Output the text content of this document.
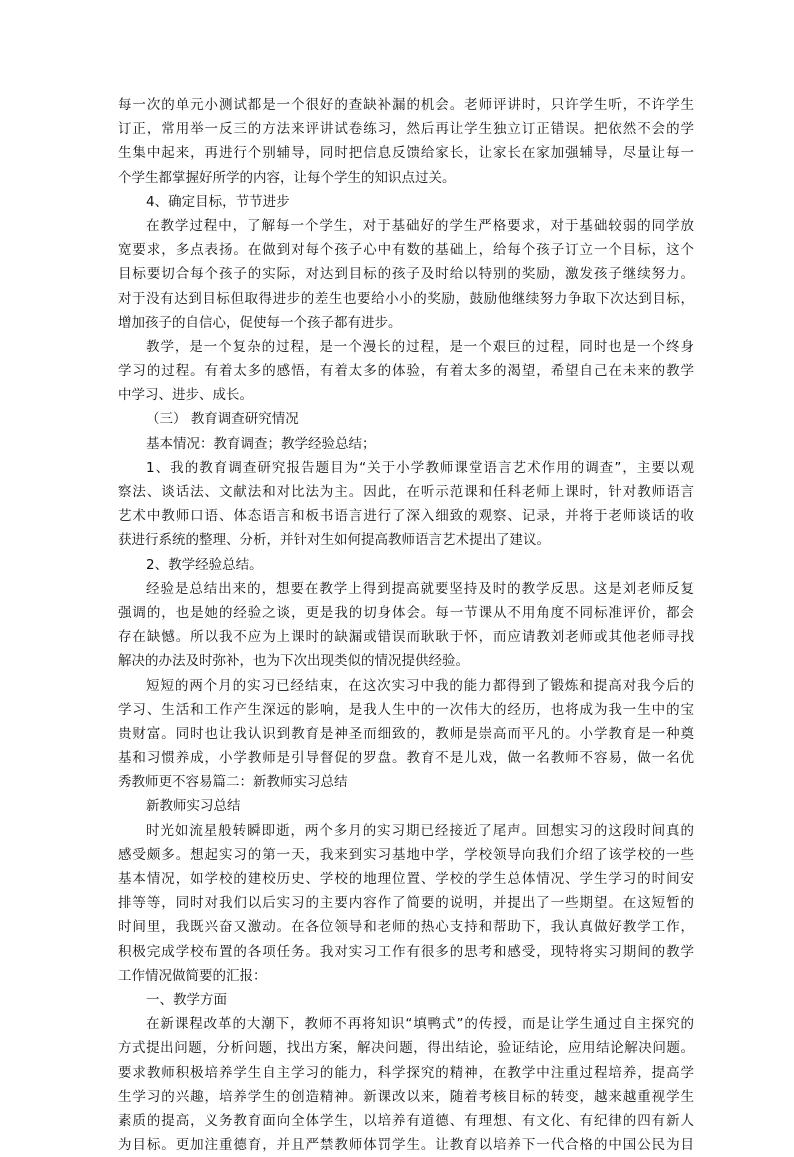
每一次的单元小测试都是一个很好的查缺补漏的机会。老师评讲时，只许学生听，不许学生
订正，常用举一反三的方法来评讲试卷练习，然后再让学生独立订正错误。把依然不会的学
生集中起来，再进行个别辅导，同时把信息反馈给家长，让家长在家加强辅导，尽量让每一
个学生都掌握好所学的内容，让每个学生的知识点过关。
4、确定目标，节节进步
在教学过程中，了解每一个学生，对于基础好的学生严格要求，对于基础较弱的同学放
宽要求，多点表扬。在做到对每个孩子心中有数的基础上，给每个孩子订立一个目标，这个
目标要切合每个孩子的实际，对达到目标的孩子及时给以特别的奖励，激发孩子继续努力。
对于没有达到目标但取得进步的差生也要给小小的奖励，鼓励他继续努力争取下次达到目标，
增加孩子的自信心，促使每一个孩子都有进步。
教学，是一个复杂的过程，是一个漫长的过程，是一个艰巨的过程，同时也是一个终身
学习的过程。有着太多的感悟，有着太多的体验，有着太多的渴望，希望自己在未来的教学
中学习、进步、成长。
（三） 教育调查研究情况
基本情况：教育调查；教学经验总结；
1、我的教育调查研究报告题目为“关于小学教师课堂语言艺术作用的调查”，主要以观
察法、谈话法、文献法和对比法为主。因此，在听示范课和任科老师上课时，针对教师语言
艺术中教师口语、体态语言和板书语言进行了深入细致的观察、记录，并将于老师谈话的收
获进行系统的整理、分析，并针对生如何提高教师语言艺术提出了建议。
2、教学经验总结。
经验是总结出来的，想要在教学上得到提高就要坚持及时的教学反思。这是刘老师反复
强调的，也是她的经验之谈，更是我的切身体会。每一节课从不用角度不同标准评价，都会
存在缺憾。所以我不应为上课时的缺漏或错误而耿耿于怀，而应请教刘老师或其他老师寻找
解决的办法及时弥补，也为下次出现类似的情况提供经验。
短短的两个月的实习已经结束，在这次实习中我的能力都得到了锻炼和提高对我今后的
学习、生活和工作产生深远的影响，是我人生中的一次伟大的经历，也将成为我一生中的宝
贵财富。同时也让我认识到教育是神圣而细致的，教师是崇高而平凡的。小学教育是一种奠
基和习惯养成，小学教师是引导督促的罗盘。教育不是儿戏，做一名教师不容易，做一名优
秀教师更不容易篇二：新教师实习总结
新教师实习总结
时光如流星般转瞬即逝，两个多月的实习期已经接近了尾声。回想实习的这段时间真的
感受颇多。想起实习的第一天，我来到实习基地中学，学校领导向我们介绍了该学校的一些
基本情况，如学校的建校历史、学校的地理位置、学校的学生总体情况、学生学习的时间安
排等等，同时对我们以后实习的主要内容作了简要的说明，并提出了一些期望。在这短暂的
时间里，我既兴奋又激动。在各位领导和老师的热心支持和帮助下，我认真做好教学工作，
积极完成学校布置的各项任务。我对实习工作有很多的思考和感受，现特将实习期间的教学
工作情况做简要的汇报：
一、教学方面
在新课程改革的大潮下，教师不再将知识“填鸭式”的传授，而是让学生通过自主探究的
方式提出问题，分析问题，找出方案，解决问题，得出结论，验证结论，应用结论解决问题。
要求教师积极培养学生自主学习的能力，科学探究的精神，在教学中注重过程培养，提高学
生学习的兴趣，培养学生的创造精神。新课改以来，随着考核目标的转变，越来越重视学生
素质的提高，义务教育面向全体学生，以培养有道德、有理想、有文化、有纪律的四有新人
为目标。更加注重德育，并且严禁教师体罚学生。让教育以培养下一代合格的中国公民为目
